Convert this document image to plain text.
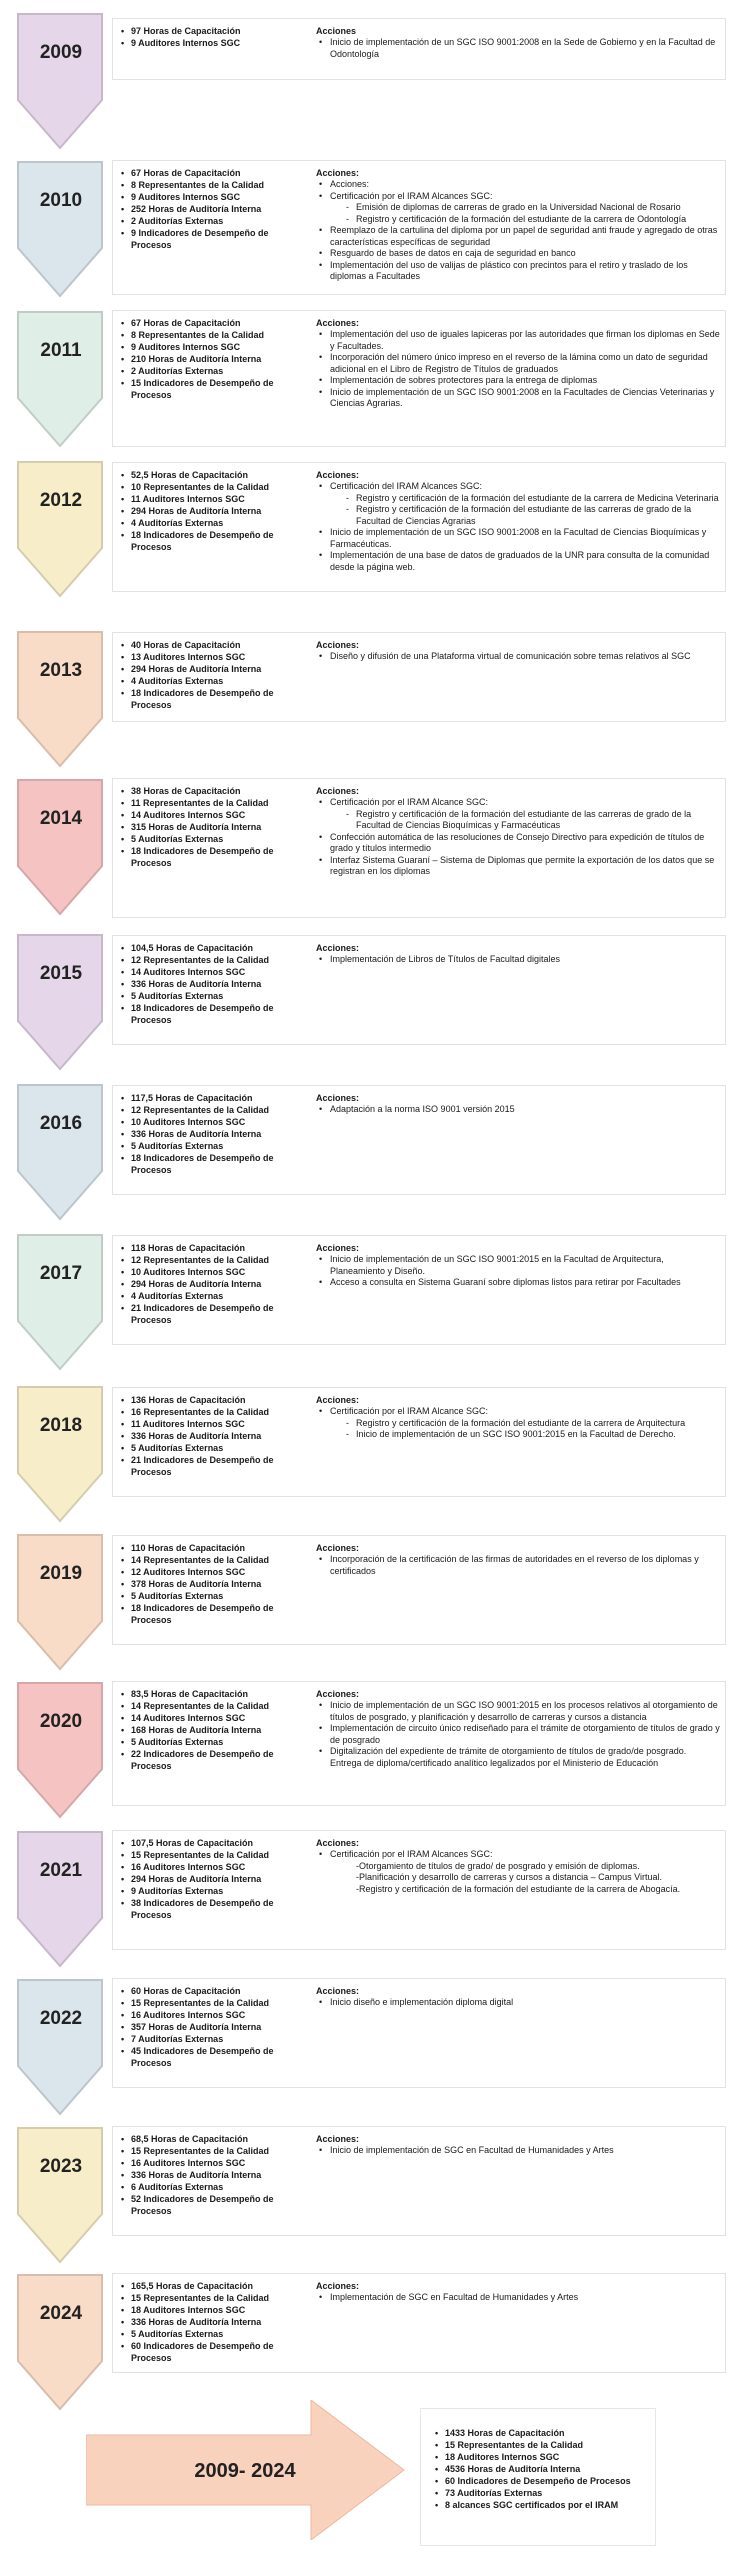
2009
• 97 Horas de Capacitación
• 9 Auditores Internos SGC
Acciones
• Inicio de implementación de un SGC ISO 9001:2008 en la Sede de Gobierno y en la Facultad de Odontología
2010
• 67 Horas de Capacitación
• 8 Representantes de la Calidad
• 9 Auditores Internos SGC
• 252 Horas de Auditoría Interna
• 2 Auditorías Externas
• 9 Indicadores de Desempeño de Procesos
Acciones:
• Acciones:
• Certificación por el IRAM Alcances SGC:
- Emisión de diplomas de carreras de grado en la Universidad Nacional de Rosario
- Registro y certificación de la formación del estudiante de la carrera de Odontología
• Reemplazo de la cartulina del diploma por un papel de seguridad anti fraude y agregado de otras características específicas de seguridad
• Resguardo de bases de datos en caja de seguridad en banco
• Implementación del uso de valijas de plástico con precintos para el retiro y traslado de los diplomas a Facultades
2011
• 67 Horas de Capacitación
• 8 Representantes de la Calidad
• 9 Auditores Internos SGC
• 210 Horas de Auditoría Interna
• 2 Auditorías Externas
• 15 Indicadores de Desempeño de Procesos
Acciones:
• Implementación del uso de iguales lapiceras por las autoridades que firman los diplomas en Sede y Facultades.
• Incorporación del número único impreso en el reverso de la lámina como un dato de seguridad adicional en el Libro de Registro de Títulos de graduados
• Implementación de sobres protectores para la entrega de diplomas
• Inicio de implementación de un SGC ISO 9001:2008 en la Facultades de Ciencias Veterinarias y Ciencias Agrarias.
2012
• 52,5 Horas de Capacitación
• 10 Representantes de la Calidad
• 11 Auditores Internos SGC
• 294 Horas de Auditoría Interna
• 4 Auditorías Externas
• 18 Indicadores de Desempeño de Procesos
Acciones:
• Certificación del IRAM Alcances SGC:
- Registro y certificación de la formación del estudiante de la carrera de Medicina Veterinaria
- Registro y certificación de la formación del estudiante de las carreras de grado de la Facultad de Ciencias Agrarias
• Inicio de implementación de un SGC ISO 9001:2008 en la Facultad de Ciencias Bioquímicas y Farmacéuticas.
• Implementación de una base de datos de graduados de la UNR para consulta de la comunidad desde la página web.
2013
• 40 Horas de Capacitación
• 13 Auditores Internos SGC
• 294 Horas de Auditoría Interna
• 4 Auditorías Externas
• 18 Indicadores de Desempeño de Procesos
Acciones:
• Diseño y difusión de una Plataforma virtual de comunicación sobre temas relativos al SGC
2014
• 38 Horas de Capacitación
• 11 Representantes de la Calidad
• 14 Auditores Internos SGC
• 315 Horas de Auditoría Interna
• 5 Auditorías Externas
• 18 Indicadores de Desempeño de Procesos
Acciones:
• Certificación por el IRAM Alcance SGC:
- Registro y certificación de la formación del estudiante de las carreras de grado de la Facultad de Ciencias Bioquímicas y Farmacéuticas
• Confección automática de las resoluciones de Consejo Directivo para expedición de títulos de grado y títulos intermedio
• Interfaz Sistema Guaraní – Sistema de Diplomas que permite la exportación de los datos que se registran en los diplomas
2015
• 104,5 Horas de Capacitación
• 12 Representantes de la Calidad
• 14 Auditores Internos SGC
• 336 Horas de Auditoría Interna
• 5 Auditorías Externas
• 18 Indicadores de Desempeño de Procesos
Acciones:
• Implementación de Libros de Títulos de Facultad digitales
2016
• 117,5 Horas de Capacitación
• 12 Representantes de la Calidad
• 10 Auditores Internos SGC
• 336 Horas de Auditoría Interna
• 5 Auditorías Externas
• 18 Indicadores de Desempeño de Procesos
Acciones:
• Adaptación a la norma ISO 9001 versión 2015
2017
• 118 Horas de Capacitación
• 12 Representantes de la Calidad
• 10 Auditores Internos SGC
• 294 Horas de Auditoría Interna
• 4 Auditorías Externas
• 21 Indicadores de Desempeño de Procesos
Acciones:
• Inicio de implementación de un SGC ISO 9001:2015 en la Facultad de Arquitectura, Planeamiento y Diseño.
• Acceso a consulta en Sistema Guaraní sobre diplomas listos para retirar por Facultades
2018
• 136 Horas de Capacitación
• 16 Representantes de la Calidad
• 11 Auditores Internos SGC
• 336 Horas de Auditoría Interna
• 5 Auditorías Externas
• 21 Indicadores de Desempeño de Procesos
Acciones:
• Certificación por el IRAM Alcance SGC:
- Registro y certificación de la formación del estudiante de la carrera de Arquitectura
- Inicio de implementación de un SGC ISO 9001:2015 en la Facultad de Derecho.
2019
• 110 Horas de Capacitación
• 14 Representantes de la Calidad
• 12 Auditores Internos SGC
• 378 Horas de Auditoría Interna
• 5 Auditorías Externas
• 18 Indicadores de Desempeño de Procesos
Acciones:
• Incorporación de la certificación de las firmas de autoridades en el reverso de los diplomas y certificados
2020
• 83,5 Horas de Capacitación
• 14 Representantes de la Calidad
• 14 Auditores Internos SGC
• 168 Horas de Auditoría Interna
• 5 Auditorías Externas
• 22 Indicadores de Desempeño de Procesos
Acciones:
• Inicio de implementación de un SGC ISO 9001:2015 en los procesos relativos al otorgamiento de títulos de posgrado, y planificación y desarrollo de carreras y cursos a distancia
• Implementación de circuito único rediseñado para el trámite de otorgamiento de títulos de grado y de posgrado
• Digitalización del expediente de trámite de otorgamiento de títulos de grado/de posgrado. Entrega de diploma/certificado analítico legalizados por el Ministerio de Educación
2021
• 107,5 Horas de Capacitación
• 15 Representantes de la Calidad
• 16 Auditores Internos SGC
• 294 Horas de Auditoría Interna
• 9 Auditorías Externas
• 38 Indicadores de Desempeño de Procesos
Acciones:
• Certificación por el IRAM Alcances SGC:
-Otorgamiento de títulos de grado/ de posgrado y emisión de diplomas.
-Planificación y desarrollo de carreras y cursos a distancia – Campus Virtual.
-Registro y certificación de la formación del estudiante de la carrera de Abogacía.
2022
• 60 Horas de Capacitación
• 15 Representantes de la Calidad
• 16 Auditores Internos SGC
• 357 Horas de Auditoría Interna
• 7 Auditorías Externas
• 45 Indicadores de Desempeño de Procesos
Acciones:
• Inicio diseño e implementación diploma digital
2023
• 68,5 Horas de Capacitación
• 15 Representantes de la Calidad
• 16 Auditores Internos SGC
• 336 Horas de Auditoría Interna
• 6 Auditorías Externas
• 52 Indicadores de Desempeño de Procesos
Acciones:
• Inicio de implementación de SGC en Facultad de Humanidades y Artes
2024
• 165,5 Horas de Capacitación
• 15 Representantes de la Calidad
• 18 Auditores Internos SGC
• 336 Horas de Auditoría Interna
• 5 Auditorías Externas
• 60 Indicadores de Desempeño de Procesos
Acciones:
• Implementación de SGC en Facultad de Humanidades y Artes
2009- 2024
• 1433 Horas de Capacitación
• 15 Representantes de la Calidad
• 18 Auditores Internos SGC
• 4536 Horas de Auditoría Interna
• 60 Indicadores de Desempeño de Procesos
• 73 Auditorías Externas
• 8 alcances SGC certificados por el IRAM
